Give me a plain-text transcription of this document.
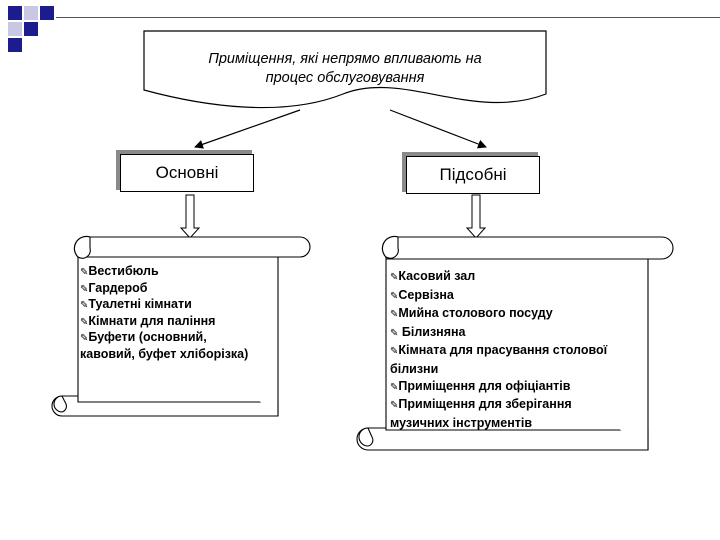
Приміщення, які непрямо впливають на
процес обслуговування
Основні	Підсобні
✎Вестибюль
✎Гардероб
✎Туалетні кімнати
✎Кімнати для паління
✎Буфети (основний,
кавовий, буфет хліборізка)
✎Касовий зал
✎Сервізна
✎Мийна столового посуду
✎ Білизняна
✎Кімната для прасування столової
білизни
✎Приміщення для офіціантів
✎Приміщення для зберігання
музичних інструментів
